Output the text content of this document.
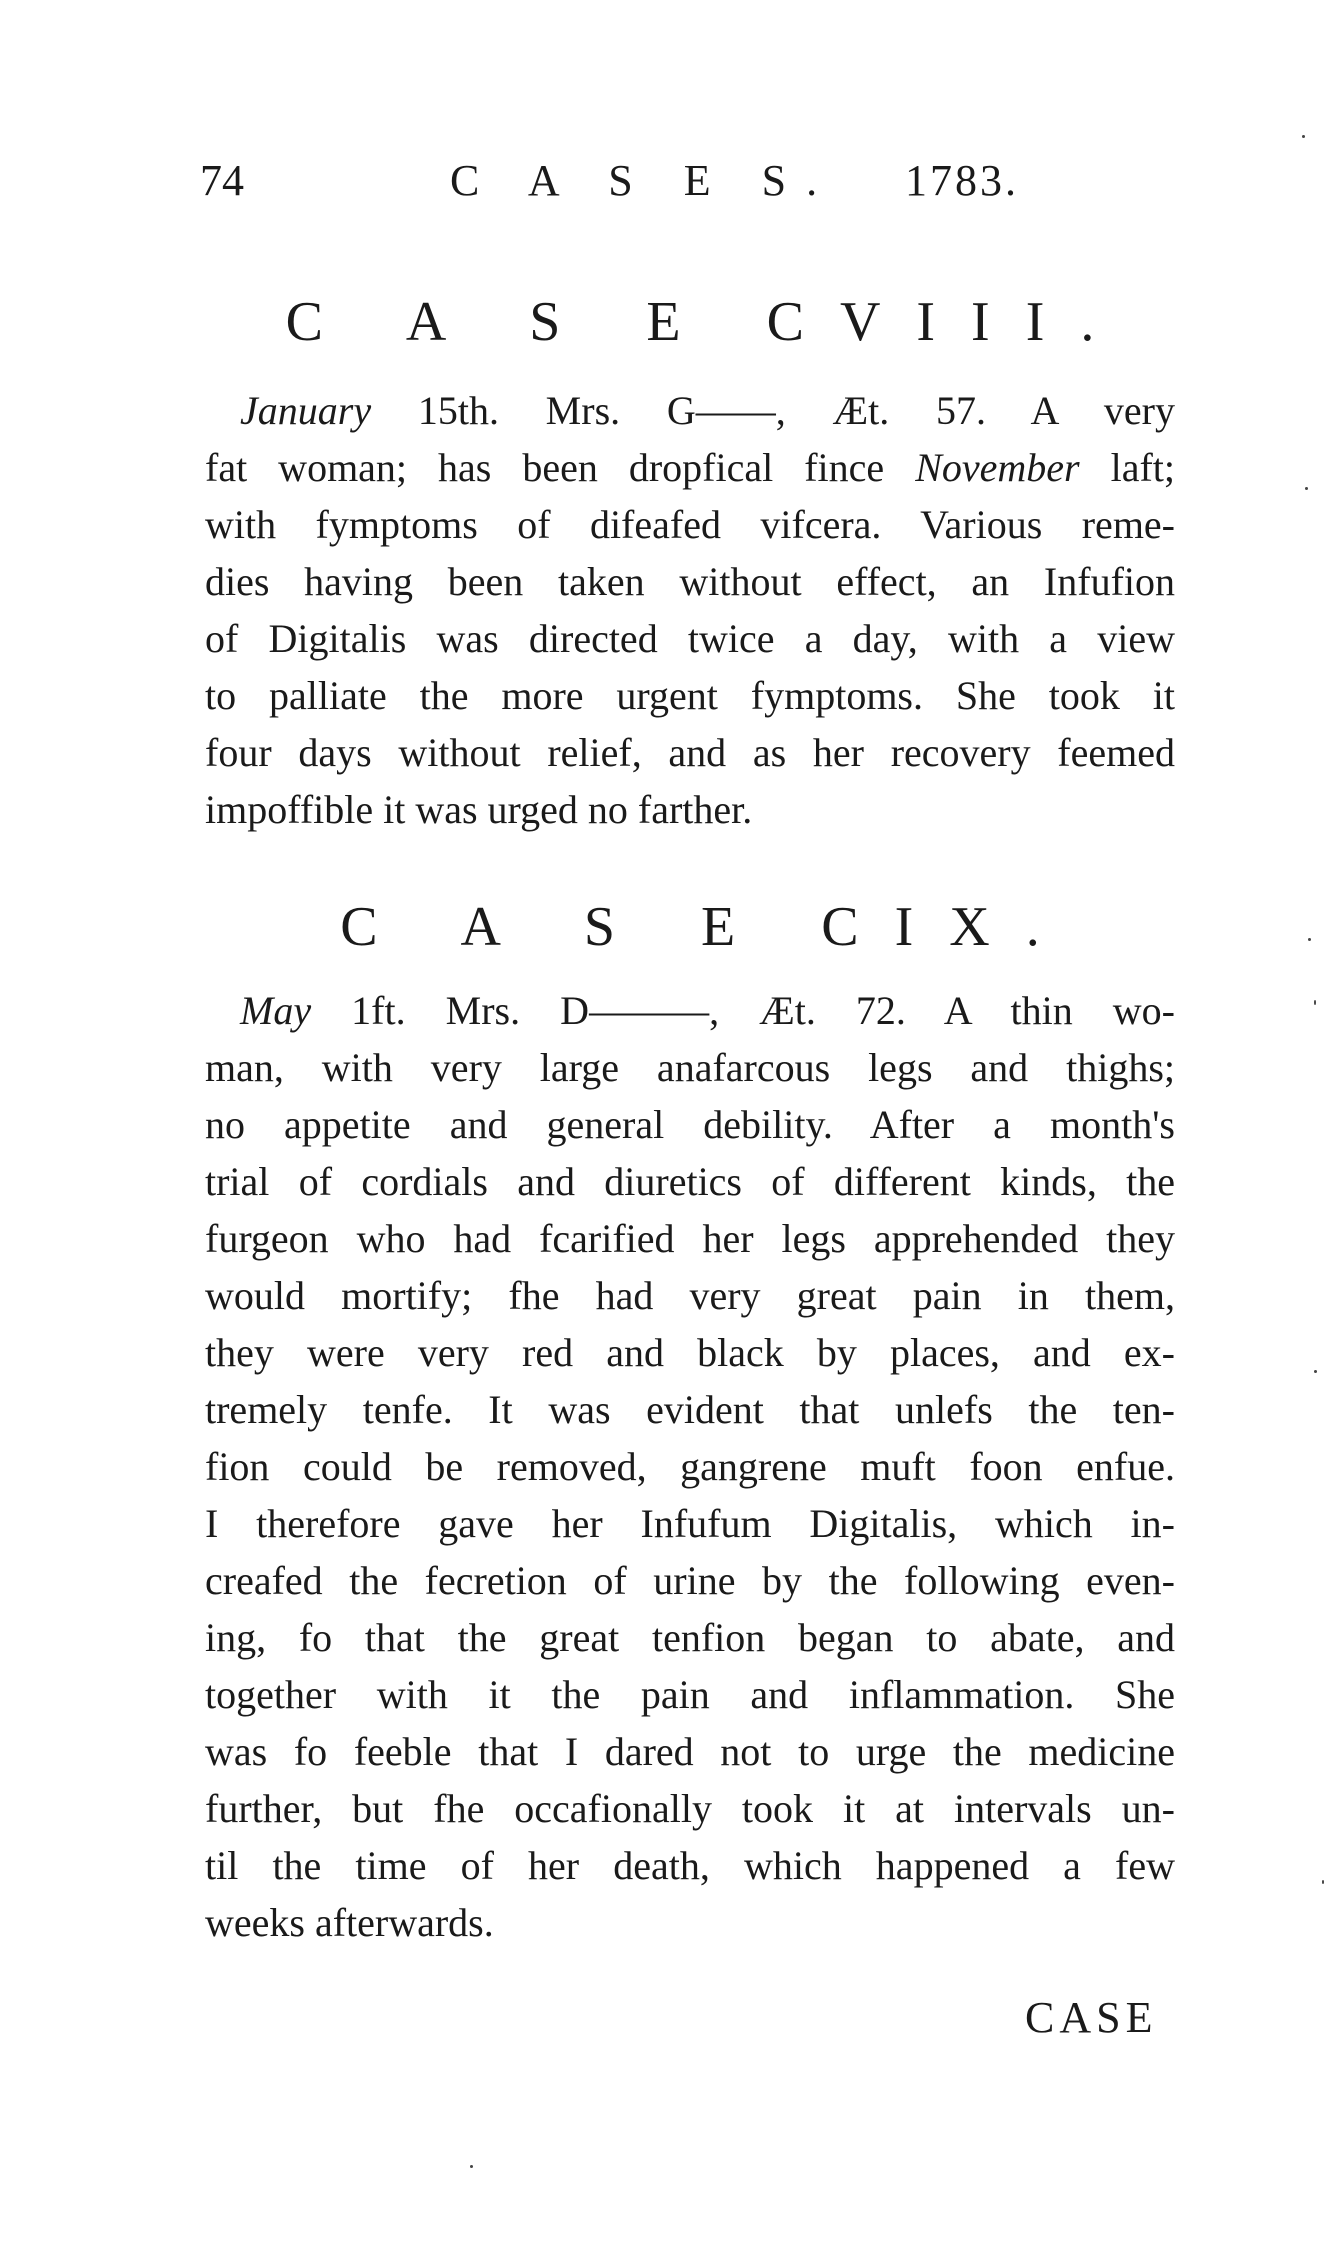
74	C A S E S. 1783.
C A S E CVIII.
January 15th. Mrs. G——, Æt. 57. A very
fat woman; has been dropfical fince November laft;
with fymptoms of difeafed vifcera. Various reme-
dies having been taken without effect, an Infufion
of Digitalis was directed twice a day, with a view
to palliate the more urgent fymptoms. She took it
four days without relief, and as her recovery feemed
impoffible it was urged no farther.
C A S E CIX.
May 1ft. Mrs. D———, Æt. 72. A thin wo-
man, with very large anafarcous legs and thighs;
no appetite and general debility. After a month's
trial of cordials and diuretics of different kinds, the
furgeon who had fcarified her legs apprehended they
would mortify; fhe had very great pain in them,
they were very red and black by places, and ex-
tremely tenfe. It was evident that unlefs the ten-
fion could be removed, gangrene muft foon enfue.
I therefore gave her Infufum Digitalis, which in-
creafed the fecretion of urine by the following even-
ing, fo that the great tenfion began to abate, and
together with it the pain and inflammation. She
was fo feeble that I dared not to urge the medicine
further, but fhe occafionally took it at intervals un-
til the time of her death, which happened a few
weeks afterwards.
CASE
